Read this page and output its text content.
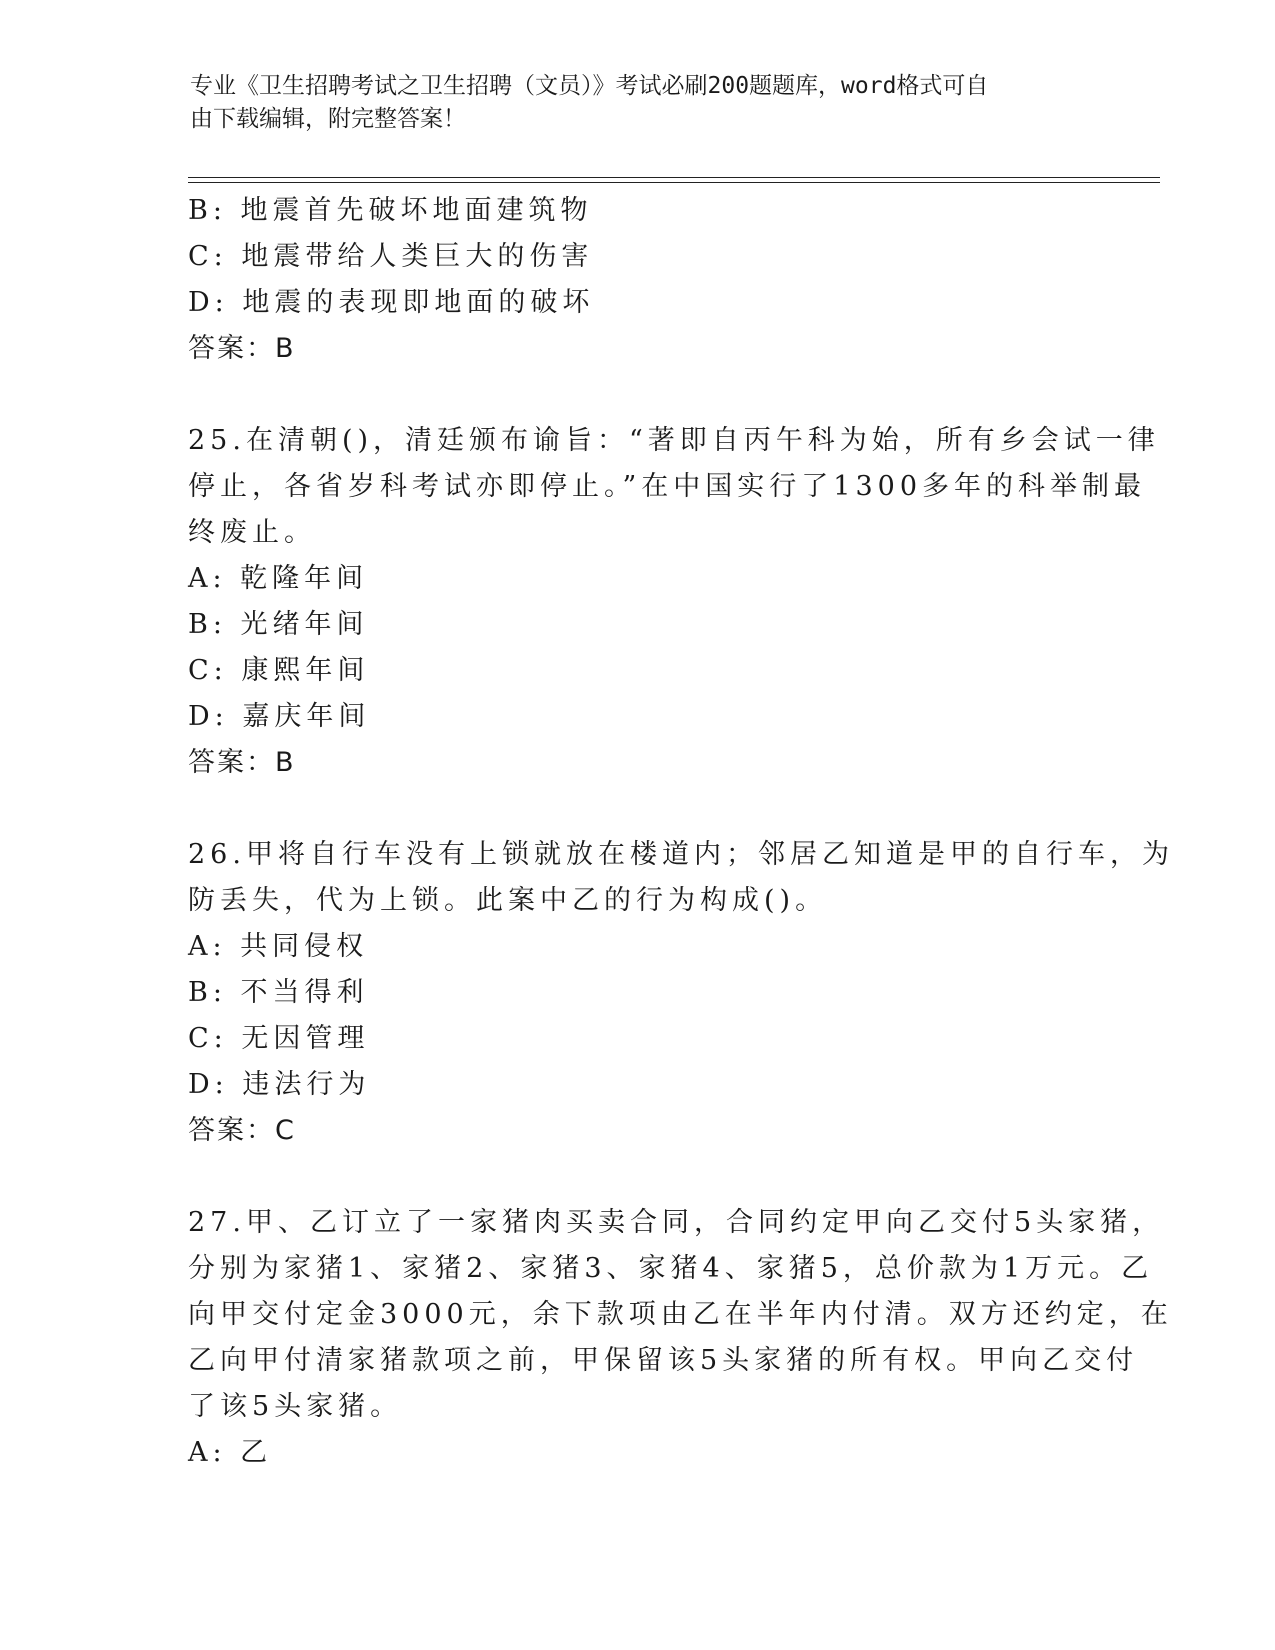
专业《卫生招聘考试之卫生招聘（文员）》考试必刷200题题库，word格式可自
由下载编辑，附完整答案！
B: 地震首先破坏地面建筑物
C: 地震带给人类巨大的伤害
D: 地震的表现即地面的破坏
答案：B
25.在清朝()，清廷颁布谕旨：“著即自丙午科为始，所有乡会试一律
停止，各省岁科考试亦即停止。”在中国实行了1300多年的科举制最
终废止。
A: 乾隆年间
B: 光绪年间
C: 康熙年间
D: 嘉庆年间
答案：B
26.甲将自行车没有上锁就放在楼道内；邻居乙知道是甲的自行车，为
防丢失，代为上锁。此案中乙的行为构成()。
A: 共同侵权
B: 不当得利
C: 无因管理
D: 违法行为
答案：C
27.甲、乙订立了一家猪肉买卖合同，合同约定甲向乙交付5头家猪，
分别为家猪1、家猪2、家猪3、家猪4、家猪5，总价款为1万元。乙
向甲交付定金3000元，余下款项由乙在半年内付清。双方还约定，在
乙向甲付清家猪款项之前，甲保留该5头家猪的所有权。甲向乙交付
了该5头家猪。
A: 乙
